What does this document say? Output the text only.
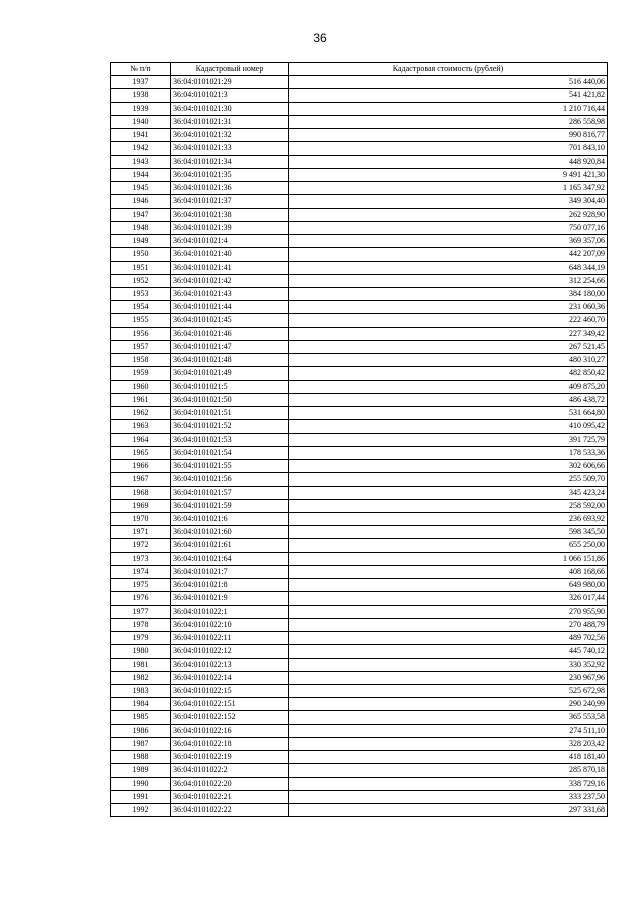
36
№ п/п	Кадастровый номер	Кадастровая стоимость (рублей)
1937	36:04:0101021:29	516 440,06
1938	36:04:0101021:3	541 421,82
1939	36:04:0101021:30	1 210 716,44
1940	36:04:0101021:31	286 558,98
1941	36:04:0101021:32	990 816,77
1942	36:04:0101021:33	701 843,10
1943	36:04:0101021:34	448 920,84
1944	36:04:0101021:35	9 491 421,30
1945	36:04:0101021:36	1 165 347,92
1946	36:04:0101021:37	349 304,40
1947	36:04:0101021:38	262 928,90
1948	36:04:0101021:39	750 077,16
1949	36:04:0101021:4	369 357,06
1950	36:04:0101021:40	442 207,09
1951	36:04:0101021:41	648 344,19
1952	36:04:0101021:42	312 254,66
1953	36:04:0101021:43	384 180,00
1954	36:04:0101021:44	231 060,36
1955	36:04:0101021:45	222 460,70
1956	36:04:0101021:46	227 349,42
1957	36:04:0101021:47	267 521,45
1958	36:04:0101021:48	480 310,27
1959	36:04:0101021:49	482 850,42
1960	36:04:0101021:5	409 875,20
1961	36:04:0101021:50	486 438,72
1962	36:04:0101021:51	531 664,80
1963	36:04:0101021:52	410 095,42
1964	36:04:0101021:53	391 725,79
1965	36:04:0101021:54	178 533,36
1966	36:04:0101021:55	302 606,66
1967	36:04:0101021:56	255 509,70
1968	36:04:0101021:57	345 423,24
1969	36:04:0101021:59	258 592,00
1970	36:04:0101021:6	236 693,92
1971	36:04:0101021:60	598 345,50
1972	36:04:0101021:61	655 250,00
1973	36:04:0101021:64	1 066 151,86
1974	36:04:0101021:7	408 168,66
1975	36:04:0101021:8	649 980,00
1976	36:04:0101021:9	326 017,44
1977	36:04:0101022:1	270 955,90
1978	36:04:0101022:10	270 488,79
1979	36:04:0101022:11	489 702,56
1980	36:04:0101022:12	445 740,12
1981	36:04:0101022:13	330 352,92
1982	36:04:0101022:14	230 967,96
1983	36:04:0101022:15	525 672,98
1984	36:04:0101022:151	290 240,99
1985	36:04:0101022:152	365 553,58
1986	36:04:0101022:16	274 511,10
1987	36:04:0101022:18	328 203,42
1988	36:04:0101022:19	418 181,40
1989	36:04:0101022:2	285 870,18
1990	36:04:0101022:20	338 729,16
1991	36:04:0101022:21	333 237,50
1992	36:04:0101022:22	297 331,68
